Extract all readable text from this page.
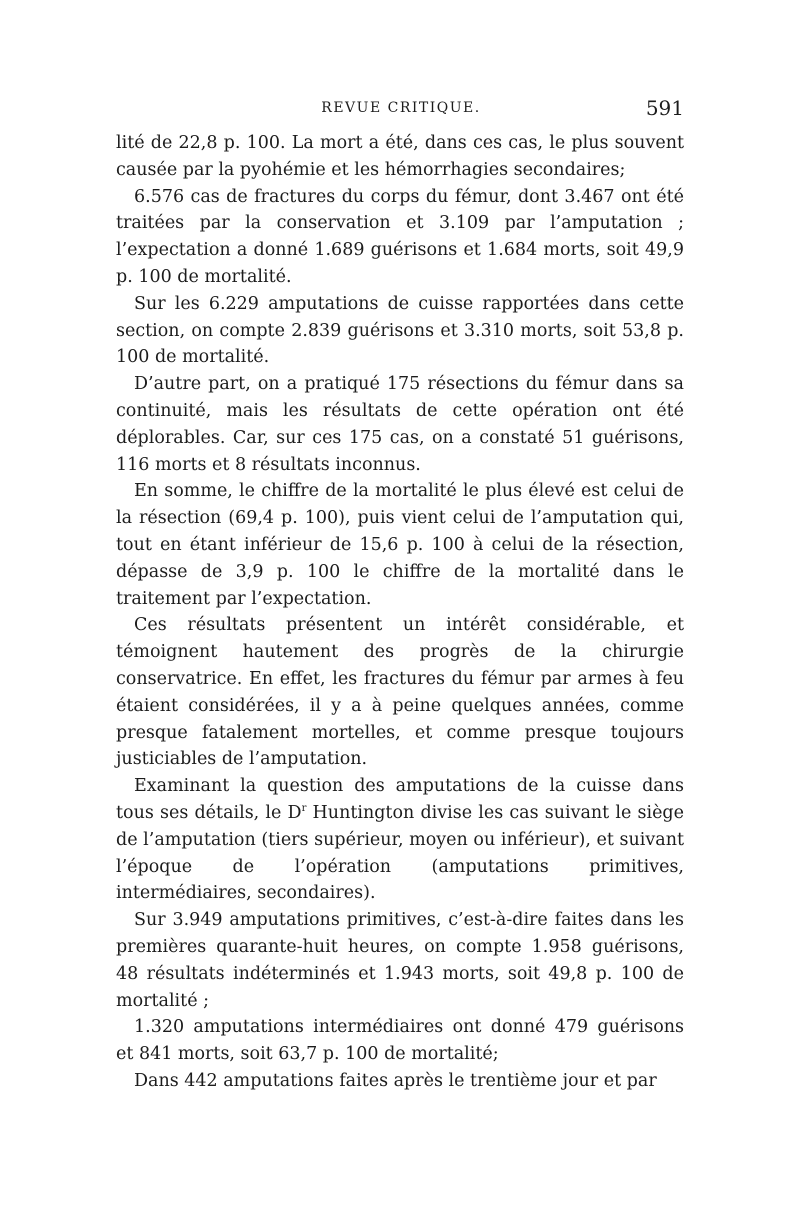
REVUE CRITIQUE.	591

lité de 22,8 p. 100. La mort a été, dans ces cas, le plus souvent causée par la pyohémie et les hémorrhagies secondaires;

6.576 cas de fractures du corps du fémur, dont 3.467 ont été traitées par la conservation et 3.109 par l’amputation ; l’expectation a donné 1.689 guérisons et 1.684 morts, soit 49,9 p. 100 de mortalité.

Sur les 6.229 amputations de cuisse rapportées dans cette section, on compte 2.839 guérisons et 3.310 morts, soit 53,8 p. 100 de mortalité.

D’autre part, on a pratiqué 175 résections du fémur dans sa continuité, mais les résultats de cette opération ont été déplorables. Car, sur ces 175 cas, on a constaté 51 guérisons, 116 morts et 8 résultats inconnus.

En somme, le chiffre de la mortalité le plus élevé est celui de la résection (69,4 p. 100), puis vient celui de l’amputation qui, tout en étant inférieur de 15,6 p. 100 à celui de la résection, dépasse de 3,9 p. 100 le chiffre de la mortalité dans le traitement par l’expectation.

Ces résultats présentent un intérêt considérable, et témoignent hautement des progrès de la chirurgie conservatrice. En effet, les fractures du fémur par armes à feu étaient considérées, il y a à peine quelques années, comme presque fatalement mortelles, et comme presque toujours justiciables de l’amputation.

Examinant la question des amputations de la cuisse dans tous ses détails, le $D^r$ Huntington divise les cas suivant le siège de l’amputation (tiers supérieur, moyen ou inférieur), et suivant l’époque de l’opération (amputations primitives, intermédiaires, secondaires).

Sur 3.949 amputations primitives, c’est-à-dire faites dans les premières quarante-huit heures, on compte 1.958 guérisons, 48 résultats indéterminés et 1.943 morts, soit 49,8 p. 100 de mortalité ;

1.320 amputations intermédiaires ont donné 479 guérisons et 841 morts, soit 63,7 p. 100 de mortalité;

Dans 442 amputations faites après le trentième jour et par
